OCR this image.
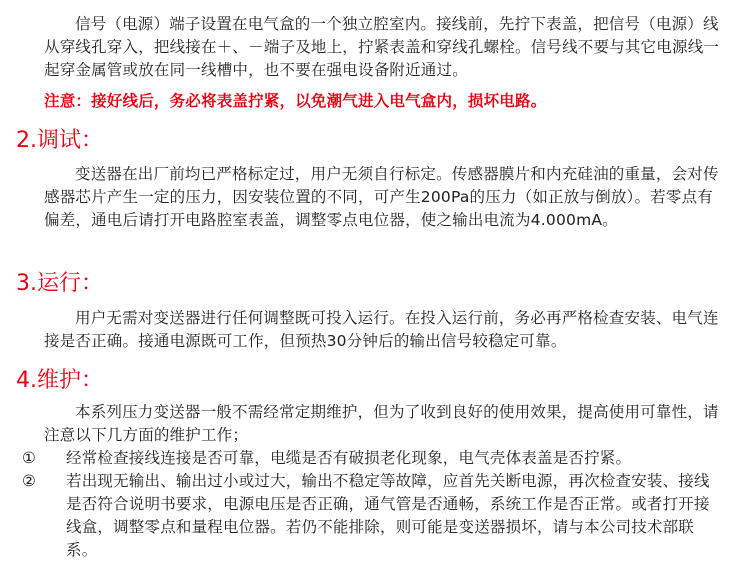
信号（电源）端子设置在电气盒的一个独立腔室内。接线前，先拧下表盖，把信号（电源）线从穿线孔穿入，把线接在＋、－端子及地上，拧紧表盖和穿线孔螺栓。信号线不要与其它电源线一起穿金属管或放在同一线槽中，也不要在强电设备附近通过。

注意：接好线后，务必将表盖拧紧，以免潮气进入电气盒内，损坏电路。

2.调试：

变送器在出厂前均已严格标定过，用户无须自行标定。传感器膜片和内充硅油的重量，会对传感器芯片产生一定的压力，因安装位置的不同，可产生200Pa的压力（如正放与倒放）。若零点有偏差，通电后请打开电路腔室表盖，调整零点电位器，使之输出电流为4.000mA。

3.运行：

用户无需对变送器进行任何调整既可投入运行。在投入运行前，务必再严格检查安装、电气连接是否正确。接通电源既可工作，但预热30分钟后的输出信号较稳定可靠。

4.维护：

本系列压力变送器一般不需经常定期维护，但为了收到良好的使用效果，提高使用可靠性，请注意以下几方面的维护工作；

① 经常检查接线连接是否可靠，电缆是否有破损老化现象，电气壳体表盖是否拧紧。

② 若出现无输出、输出过小或过大，输出不稳定等故障，应首先关断电源，再次检查安装、接线是否符合说明书要求，电源电压是否正确，通气管是否通畅，系统工作是否正常。或者打开接线盒，调整零点和量程电位器。若仍不能排除，则可能是变送器损坏，请与本公司技术部联系。
